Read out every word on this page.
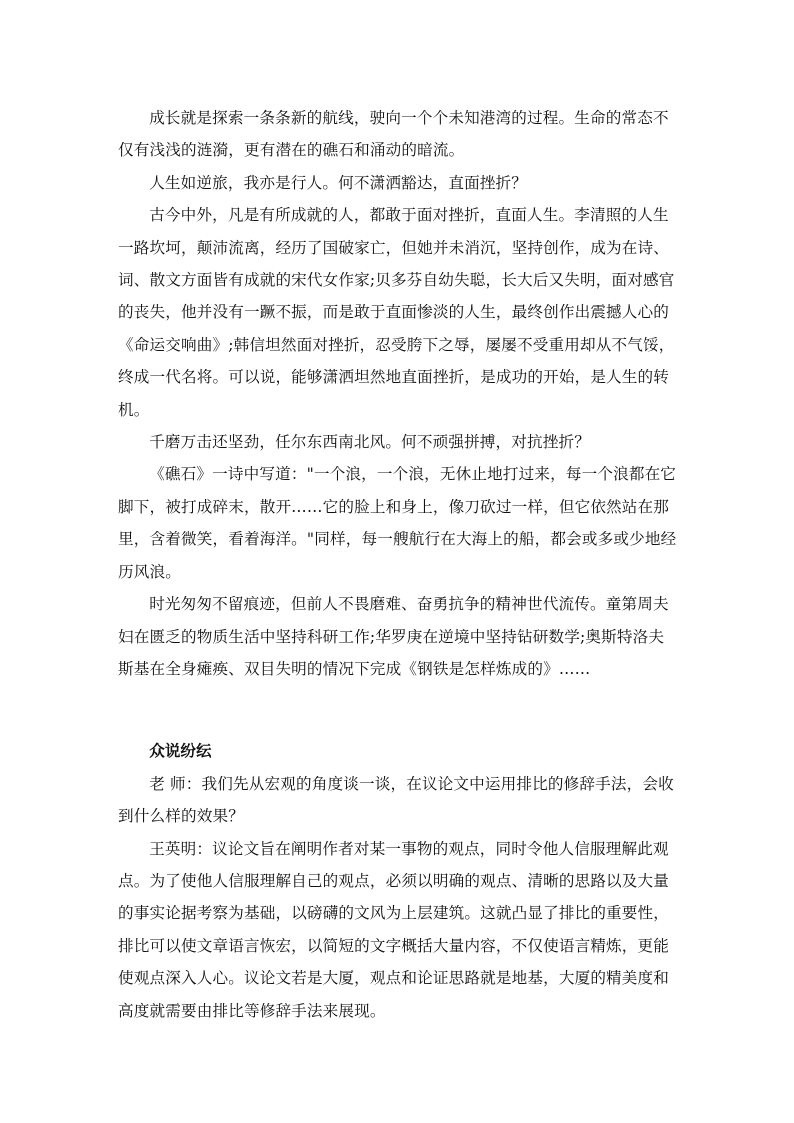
成长就是探索一条条新的航线，驶向一个个未知港湾的过程。生命的常态不仅有浅浅的涟漪，更有潜在的礁石和涌动的暗流。

人生如逆旅，我亦是行人。何不潇洒豁达，直面挫折？

古今中外，凡是有所成就的人，都敢于面对挫折，直面人生。李清照的人生一路坎坷，颠沛流离，经历了国破家亡，但她并未消沉，坚持创作，成为在诗、词、散文方面皆有成就的宋代女作家;贝多芬自幼失聪，长大后又失明，面对感官的丧失，他并没有一蹶不振，而是敢于直面惨淡的人生，最终创作出震撼人心的《命运交响曲》;韩信坦然面对挫折，忍受胯下之辱，屡屡不受重用却从不气馁，终成一代名将。可以说，能够潇洒坦然地直面挫折，是成功的开始，是人生的转机。

千磨万击还坚劲，任尔东西南北风。何不顽强拼搏，对抗挫折？

《礁石》一诗中写道："一个浪，一个浪，无休止地打过来，每一个浪都在它脚下，被打成碎末，散开……它的脸上和身上，像刀砍过一样，但它依然站在那里，含着微笑，看着海洋。"同样，每一艘航行在大海上的船，都会或多或少地经历风浪。

时光匆匆不留痕迹，但前人不畏磨难、奋勇抗争的精神世代流传。童第周夫妇在匮乏的物质生活中坚持科研工作;华罗庚在逆境中坚持钻研数学;奥斯特洛夫斯基在全身瘫痪、双目失明的情况下完成《钢铁是怎样炼成的》……

众说纷纭

老 师：我们先从宏观的角度谈一谈，在议论文中运用排比的修辞手法，会收到什么样的效果？

王英明：议论文旨在阐明作者对某一事物的观点，同时令他人信服理解此观点。为了使他人信服理解自己的观点，必须以明确的观点、清晰的思路以及大量的事实论据考察为基础，以磅礴的文风为上层建筑。这就凸显了排比的重要性，排比可以使文章语言恢宏，以简短的文字概括大量内容，不仅使语言精炼，更能使观点深入人心。议论文若是大厦，观点和论证思路就是地基，大厦的精美度和高度就需要由排比等修辞手法来展现。
